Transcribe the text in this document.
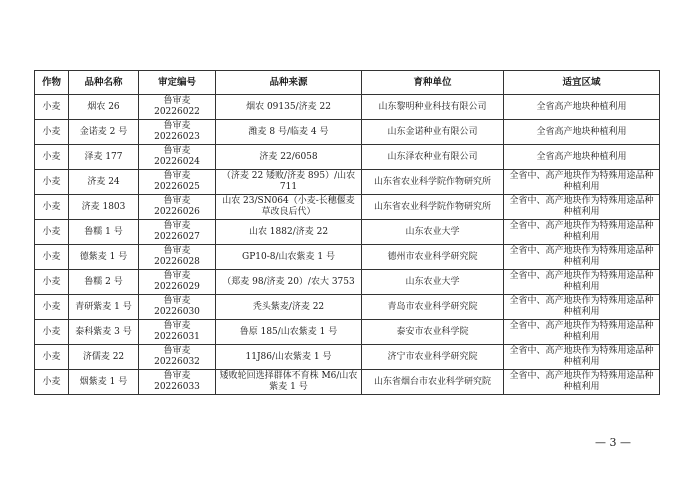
作物	品种名称	审定编号	品种来源	育种单位	适宜区域
小麦	烟农 26	鲁审麦 20226022	烟农 09135/济麦 22	山东黎明种业科技有限公司	全省高产地块种植利用
小麦	金诺麦 2 号	鲁审麦 20226023	潍麦 8 号/临麦 4 号	山东金诺种业有限公司	全省高产地块种植利用
小麦	泽麦 177	鲁审麦 20226024	济麦 22/6058	山东泽农种业有限公司	全省高产地块种植利用
小麦	济麦 24	鲁审麦 20226025	（济麦 22 矮败/济麦 895）/山农 711	山东省农业科学院作物研究所	全省中、高产地块作为特殊用途品种种植利用
小麦	济麦 1803	鲁审麦 20226026	山农 23/SN064（小麦-长穗偃麦草改良后代）	山东省农业科学院作物研究所	全省中、高产地块作为特殊用途品种种植利用
小麦	鲁糯 1 号	鲁审麦 20226027	山农 1882/济麦 22	山东农业大学	全省中、高产地块作为特殊用途品种种植利用
小麦	德紫麦 1 号	鲁审麦 20226028	GP10-8/山农紫麦 1 号	德州市农业科学研究院	全省中、高产地块作为特殊用途品种种植利用
小麦	鲁糯 2 号	鲁审麦 20226029	（郑麦 98/济麦 20）/农大 3753	山东农业大学	全省中、高产地块作为特殊用途品种种植利用
小麦	青研紫麦 1 号	鲁审麦 20226030	秃头紫麦/济麦 22	青岛市农业科学研究院	全省中、高产地块作为特殊用途品种种植利用
小麦	泰科紫麦 3 号	鲁审麦 20226031	鲁原 185/山农紫麦 1 号	泰安市农业科学院	全省中、高产地块作为特殊用途品种种植利用
小麦	济儒麦 22	鲁审麦 20226032	11J86/山农紫麦 1 号	济宁市农业科学研究院	全省中、高产地块作为特殊用途品种种植利用
小麦	烟紫麦 1 号	鲁审麦 20226033	矮败轮回选择群体不育株 M6/山农紫麦 1 号	山东省烟台市农业科学研究院	全省中、高产地块作为特殊用途品种种植利用
— 3 —
